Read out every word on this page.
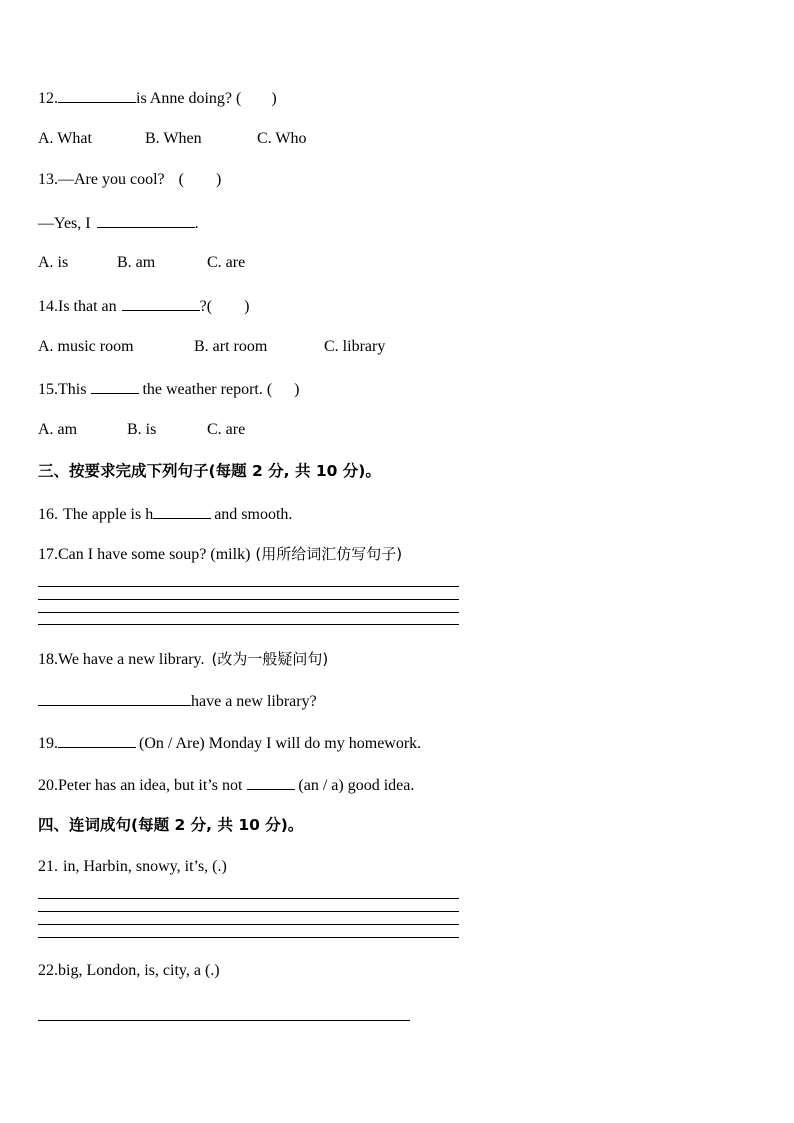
12.	is Anne doing? ( )
A. What	B. When	C. Who
13.—Are you cool? (        )
—Yes, I	.
A. is	B. am	C. are
14.Is that an	?( )
A. music room	B. art room	C. library
15.This	the weather report. ( )
A. am	B. is	C. are
三、按要求完成下列句子(每题 2 分, 共 10 分)。
16. The apple is h	and smooth.
17.Can I have some soup? (milk) (用所给词汇仿写句子)
18.We have a new library. (改为一般疑问句)
have a new library?
19.	(On / Are) Monday I will do my homework.
20.Peter has an idea, but it’s not	(an / a) good idea.
四、连词成句(每题 2 分, 共 10 分)。
21. in, Harbin, snowy, it’s, (.)
22.big, London, is, city, a (.)
